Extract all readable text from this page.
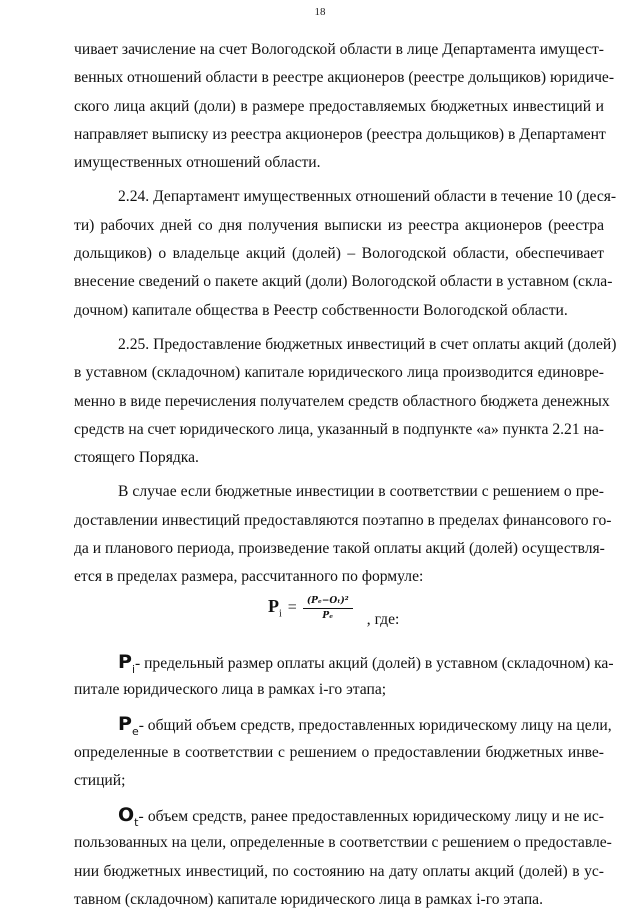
18

чивает зачисление на счет Вологодской области в лице Департамента имущест-

венных отношений области в реестре акционеров (реестре дольщиков) юридиче-

ского лица акций (доли) в размере предоставляемых бюджетных инвестиций и

направляет выписку из реестра акционеров (реестра дольщиков) в Департамент

имущественных отношений области.

2.24. Департамент имущественных отношений области в течение 10 (деся-

ти) рабочих дней со дня получения выписки из реестра акционеров (реестра

дольщиков) о владельце акций (долей) – Вологодской области, обеспечивает

внесение сведений о пакете акций (доли) Вологодской области в уставном (скла-

дочном) капитале общества в Реестр собственности Вологодской области.

2.25. Предоставление бюджетных инвестиций в счет оплаты акций (долей)

в уставном (складочном) капитале юридического лица производится единовре-

менно в виде перечисления получателем средств областного бюджета денежных

средств на счет юридического лица, указанный в подпункте «а» пункта 2.21 на-

стоящего Порядка.

В случае если бюджетные инвестиции в соответствии с решением о пре-

доставлении инвестиций предоставляются поэтапно в пределах финансового го-

да и планового периода, произведение такой оплаты акций (долей) осуществля-

ется в пределах размера, рассчитанного по формуле:

$P_i = \frac{\text{(Pₑ−Oₜ)²}}{\text{Pₑ}}$ , где:

$P_i-$ предельный размер оплаты акций (долей) в уставном (складочном) ка-

питале юридического лица в рамках i-го этапа;

$P_e-$ общий объем средств, предоставленных юридическому лицу на цели,

определенные в соответствии с решением о предоставлении бюджетных инве-

стиций;

$O_t-$ объем средств, ранее предоставленных юридическому лицу и не ис-

пользованных на цели, определенные в соответствии с решением о предоставле-

нии бюджетных инвестиций, по состоянию на дату оплаты акций (долей) в ус-

тавном (складочном) капитале юридического лица в рамках i-го этапа.
